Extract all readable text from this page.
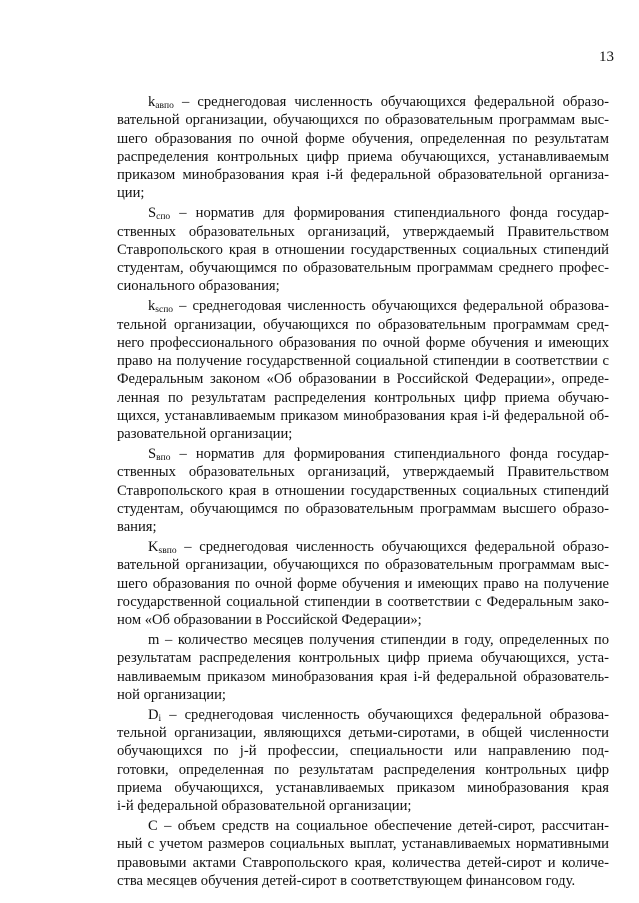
13
$k_{авпо}$ – среднегодовая численность обучающихся федеральной образо-
вательной организации, обучающихся по образовательным программам выс-
шего образования по очной форме обучения, определенная по результатам
распределения контрольных цифр приема обучающихся, устанавливаемым
приказом минобразования края i-й федеральной образовательной организа-
ции;
$S_{спо}$ – норматив для формирования стипендиального фонда государ-
ственных образовательных организаций, утверждаемый Правительством
Ставропольского края в отношении государственных социальных стипендий
студентам, обучающимся по образовательным программам среднего профес-
сионального образования;
$k_{scпо}$ – среднегодовая численность обучающихся федеральной образова-
тельной организации, обучающихся по образовательным программам сред-
него профессионального образования по очной форме обучения и имеющих
право на получение государственной социальной стипендии в соответствии с
Федеральным законом «Об образовании в Российской Федерации», опреде-
ленная по результатам распределения контрольных цифр приема обучаю-
щихся, устанавливаемым приказом минобразования края i-й федеральной об-
разовательной организации;
$S_{впо}$ – норматив для формирования стипендиального фонда государ-
ственных образовательных организаций, утверждаемый Правительством
Ставропольского края в отношении государственных социальных стипендий
студентам, обучающимся по образовательным программам высшего образо-
вания;
$K_{sвпо}$ – среднегодовая численность обучающихся федеральной образо-
вательной организации, обучающихся по образовательным программам выс-
шего образования по очной форме обучения и имеющих право на получение
государственной социальной стипендии в соответствии с Федеральным зако-
ном «Об образовании в Российской Федерации»;
m – количество месяцев получения стипендии в году, определенных по
результатам распределения контрольных цифр приема обучающихся, уста-
навливаемым приказом минобразования края i-й федеральной образователь-
ной организации;
$D_i$ – среднегодовая численность обучающихся федеральной образова-
тельной организации, являющихся детьми-сиротами, в общей численности
обучающихся по j-й профессии, специальности или направлению под-
готовки, определенная по результатам распределения контрольных цифр
приема обучающихся, устанавливаемых приказом минобразования края
i-й федеральной образовательной организации;
C – объем средств на социальное обеспечение детей-сирот, рассчитан-
ный с учетом размеров социальных выплат, устанавливаемых нормативными
правовыми актами Ставропольского края, количества детей-сирот и количе-
ства месяцев обучения детей-сирот в соответствующем финансовом году.
